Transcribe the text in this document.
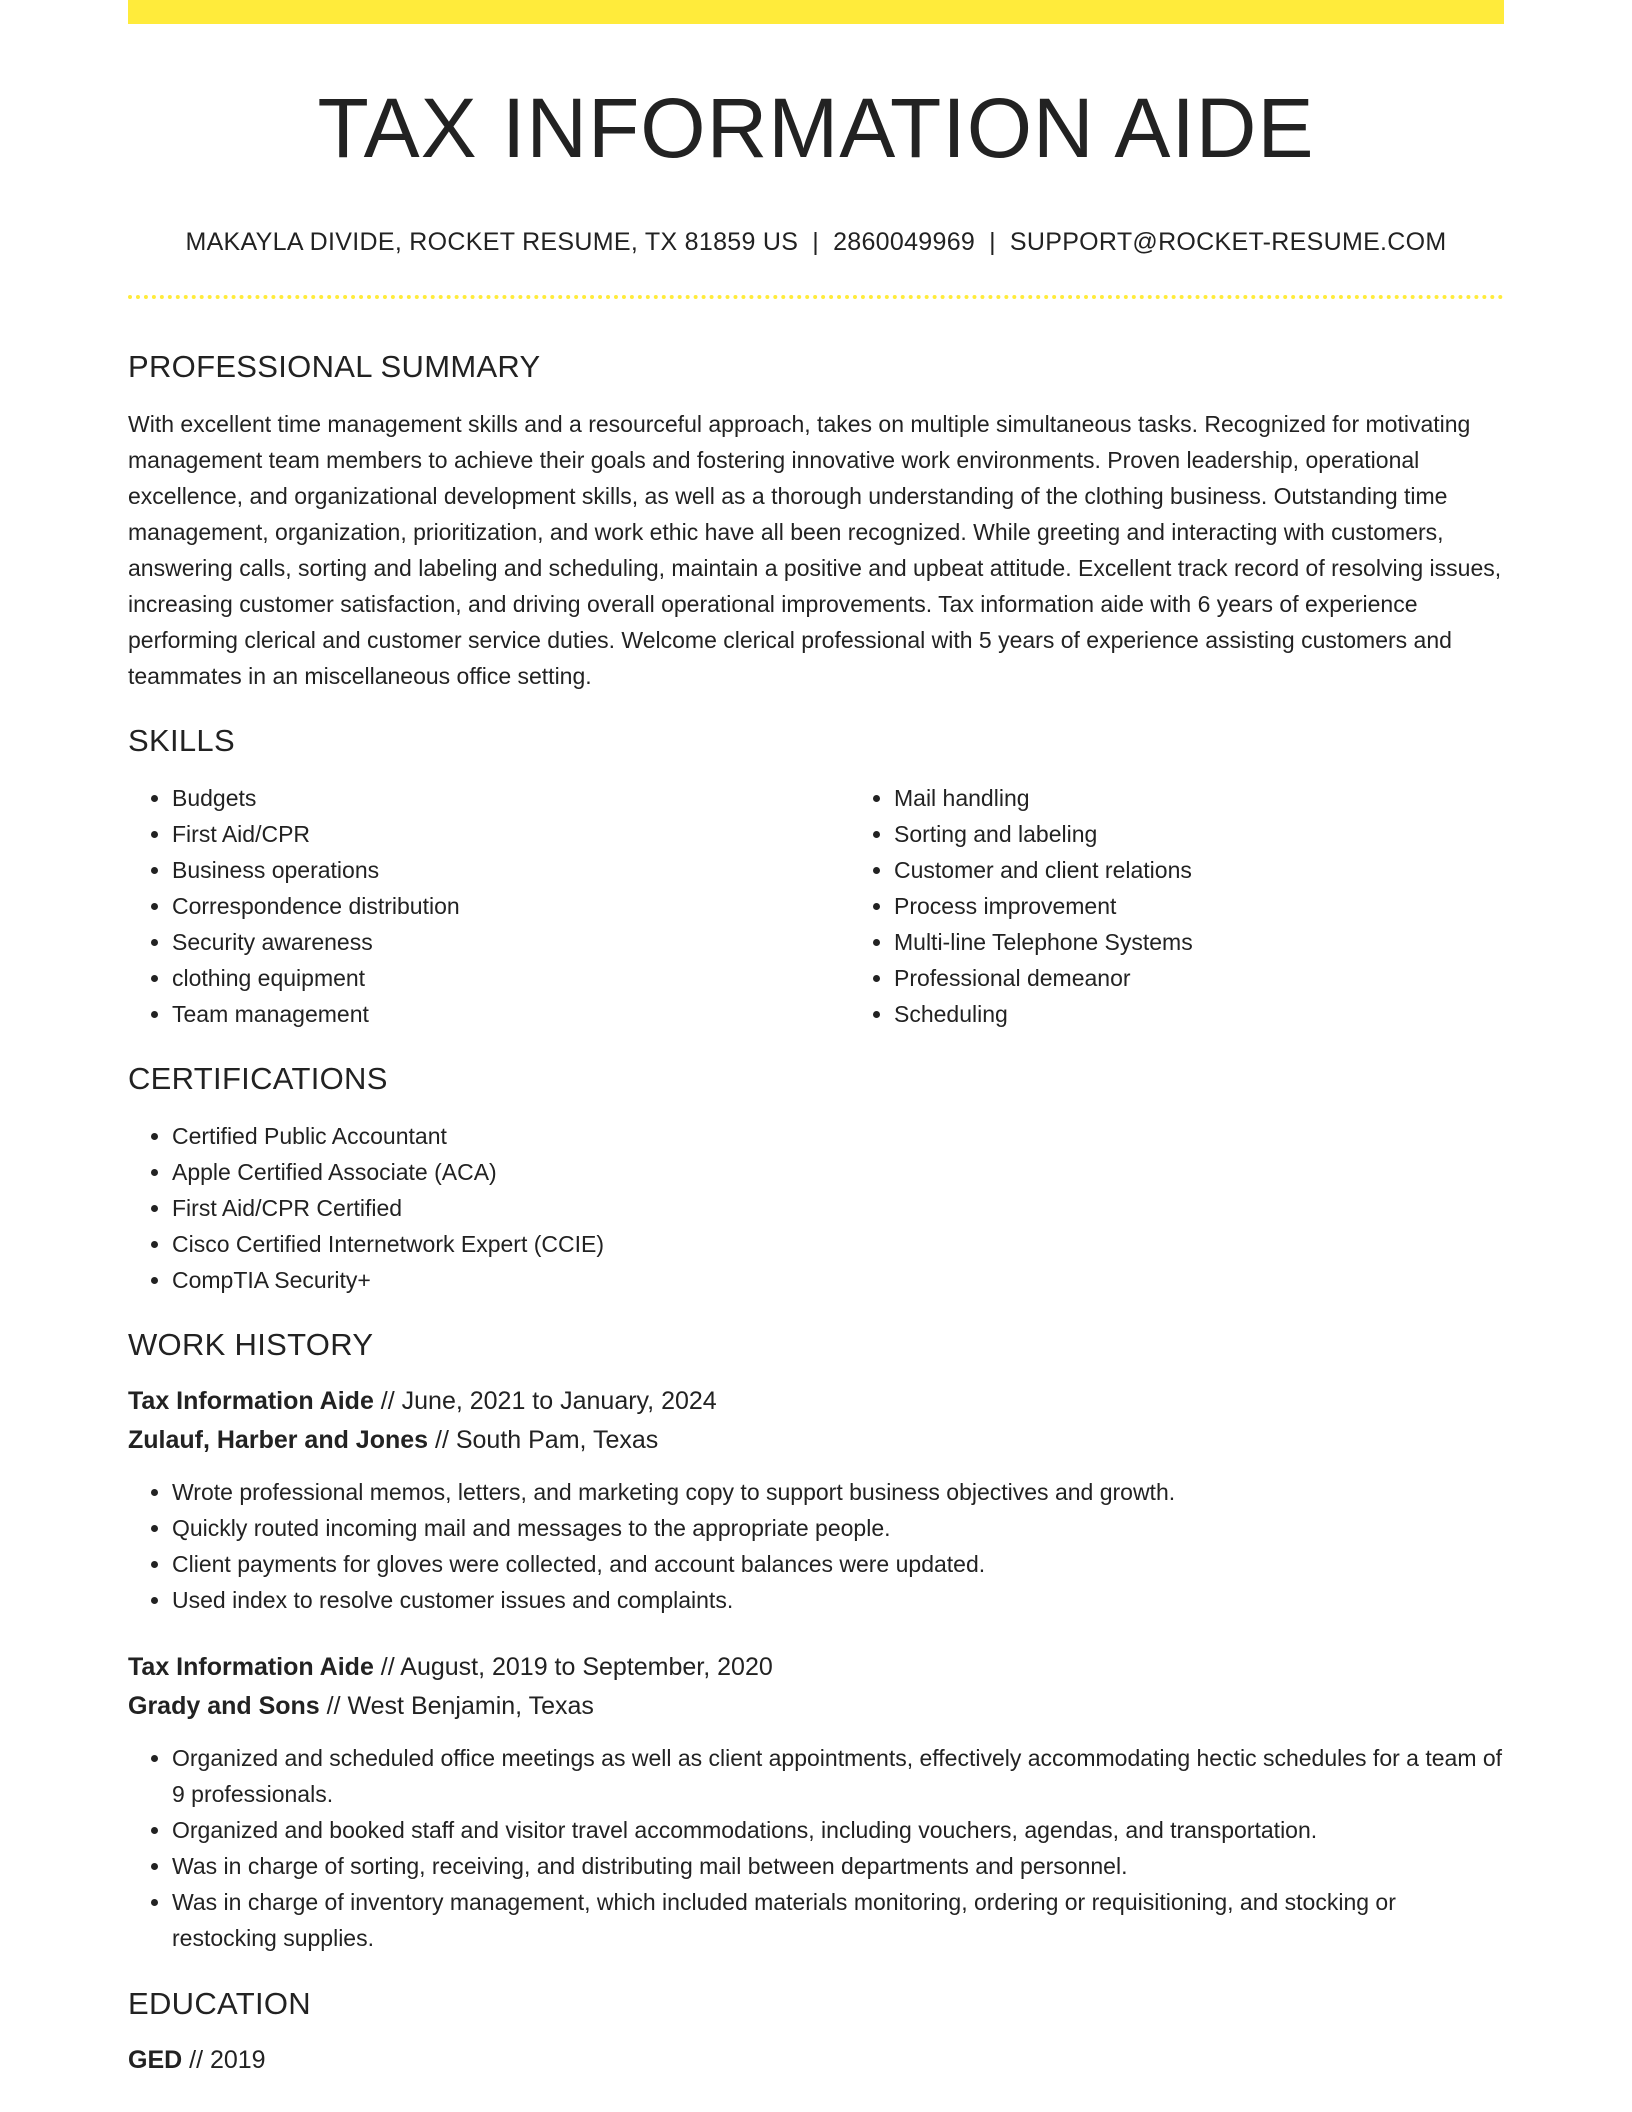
TAX INFORMATION AIDE
MAKAYLA DIVIDE, ROCKET RESUME, TX 81859 US | 2860049969 | SUPPORT@ROCKET-RESUME.COM
PROFESSIONAL SUMMARY

With excellent time management skills and a resourceful approach, takes on multiple simultaneous tasks. Recognized for motivating management team members to achieve their goals and fostering innovative work environments. Proven leadership, operational excellence, and organizational development skills, as well as a thorough understanding of the clothing business. Outstanding time management, organization, prioritization, and work ethic have all been recognized. While greeting and interacting with customers, answering calls, sorting and labeling and scheduling, maintain a positive and upbeat attitude. Excellent track record of resolving issues, increasing customer satisfaction, and driving overall operational improvements. Tax information aide with 6 years of experience performing clerical and customer service duties. Welcome clerical professional with 5 years of experience assisting customers and teammates in an miscellaneous office setting.

SKILLS
• Budgets
• First Aid/CPR
• Business operations
• Correspondence distribution
• Security awareness
• clothing equipment
• Team management
• Mail handling
• Sorting and labeling
• Customer and client relations
• Process improvement
• Multi-line Telephone Systems
• Professional demeanor
• Scheduling
CERTIFICATIONS
• Certified Public Accountant
• Apple Certified Associate (ACA)
• First Aid/CPR Certified
• Cisco Certified Internetwork Expert (CCIE)
• CompTIA Security+
WORK HISTORY
Tax Information Aide // June, 2021 to January, 2024
Zulauf, Harber and Jones // South Pam, Texas
• Wrote professional memos, letters, and marketing copy to support business objectives and growth.
• Quickly routed incoming mail and messages to the appropriate people.
• Client payments for gloves were collected, and account balances were updated.
• Used index to resolve customer issues and complaints.
Tax Information Aide // August, 2019 to September, 2020
Grady and Sons // West Benjamin, Texas
• Organized and scheduled office meetings as well as client appointments, effectively accommodating hectic schedules for a team of 9 professionals.
• Organized and booked staff and visitor travel accommodations, including vouchers, agendas, and transportation.
• Was in charge of sorting, receiving, and distributing mail between departments and personnel.
• Was in charge of inventory management, which included materials monitoring, ordering or requisitioning, and stocking or restocking supplies.
EDUCATION
GED // 2019
